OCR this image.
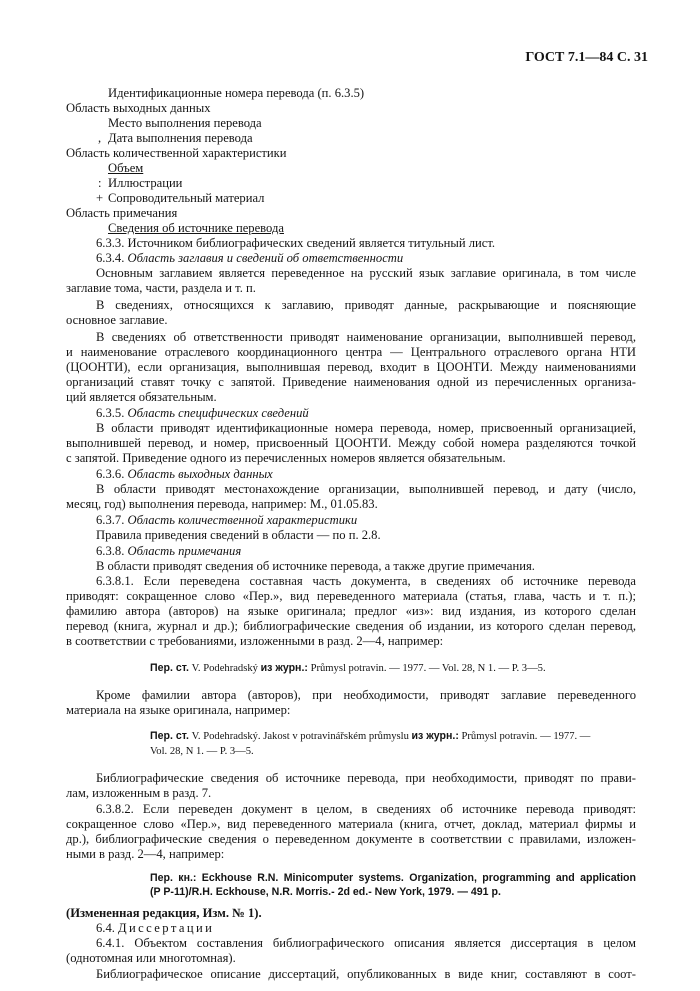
ГОСТ 7.1—84 С. 31
Идентификационные номера перевода (п. 6.3.5)
Область выходных данных
Место выполнения перевода
, Дата выполнения перевода
Область количественной характеристики
Объем
: Иллюстрации
+ Сопроводительный материал
Область примечания
Сведения об источнике перевода
6.3.3. Источником библиографических сведений является титульный лист.
6.3.4. Область заглавия и сведений об ответственности
Основным заглавием является переведенное на русский язык заглавие оригинала, в том числе
заглавие тома, части, раздела и т. п.
В сведениях, относящихся к заглавию, приводят данные, раскрывающие и поясняющие
основное заглавие.
В сведениях об ответственности приводят наименование организации, выполнившей перевод,
и наименование отраслевого координационного центра — Центрального отраслевого органа НТИ
(ЦООНТИ), если организация, выполнившая перевод, входит в ЦООНТИ. Между наименованиями
организаций ставят точку с запятой. Приведение наименования одной из перечисленных организа-
ций является обязательным.
6.3.5. Область специфических сведений
В области приводят идентификационные номера перевода, номер, присвоенный организацией,
выполнившей перевод, и номер, присвоенный ЦООНТИ. Между собой номера разделяются точкой
с запятой. Приведение одного из перечисленных номеров является обязательным.
6.3.6. Область выходных данных
В области приводят местонахождение организации, выполнившей перевод, и дату (число,
месяц, год) выполнения перевода, например: М., 01.05.83.
6.3.7. Область количественной характеристики
Правила приведения сведений в области — по п. 2.8.
6.3.8. Область примечания
В области приводят сведения об источнике перевода, а также другие примечания.
6.3.8.1. Если переведена составная часть документа, в сведениях об источнике перевода
приводят: сокращенное слово «Пер.», вид переведенного материала (статья, глава, часть и т. п.);
фамилию автора (авторов) на языке оригинала; предлог «из»: вид издания, из которого сделан
перевод (книга, журнал и др.); библиографические сведения об издании, из которого сделан перевод,
в соответствии с требованиями, изложенными в разд. 2—4, например:
Пер. ст. V. Podehradský из журн.: Průmysl potravin. — 1977. — Vol. 28, N 1. — P. 3—5.
Кроме фамилии автора (авторов), при необходимости, приводят заглавие переведенного
материала на языке оригинала, например:
Пер. ст. V. Podehradský. Jakost v potravinářském průmyslu из журн.: Průmysl potravin. — 1977. —
Vol. 28, N 1. — P. 3—5.
Библиографические сведения об источнике перевода, при необходимости, приводят по прави-
лам, изложенным в разд. 7.
6.3.8.2. Если переведен документ в целом, в сведениях об источнике перевода приводят:
сокращенное слово «Пер.», вид переведенного материала (книга, отчет, доклад, материал фирмы и
др.), библиографические сведения о переведенном документе в соответствии с правилами, изложен-
ными в разд. 2—4, например:
Пер. кн.: Eckhouse R.N. Minicomputer systems. Organization, programming and application
(P P-11)/R.H. Eckhouse, N.R. Morris.- 2d ed.- New York, 1979. — 491 p.
(Измененная редакция, Изм. № 1).
6.4. Диссертации
6.4.1. Объектом составления библиографического описания является диссертация в целом
(однотомная или многотомная).
Библиографическое описание диссертаций, опубликованных в виде книг, составляют в соот-
